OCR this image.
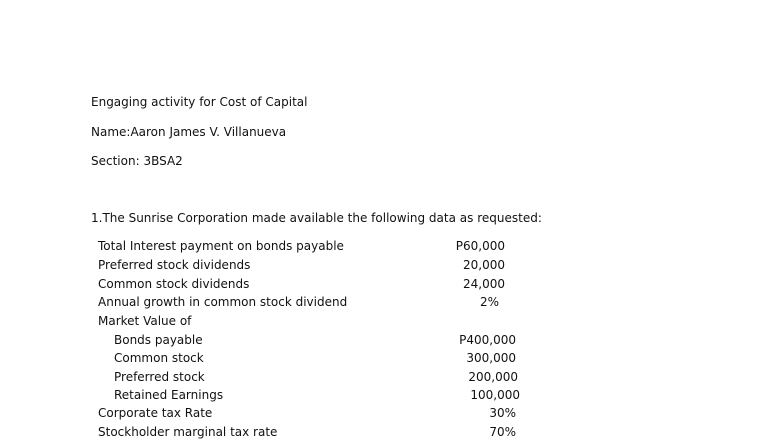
Engaging activity for Cost of Capital
Name:Aaron James V. Villanueva
Section: 3BSA2
1.The Sunrise Corporation made available the following data as requested:
Total Interest payment on bonds payable	P60,000
Preferred stock dividends	20,000
Common stock dividends	24,000
Annual growth in common stock dividend	2%
Market Value of
Bonds payable	P400,000
Common stock	300,000
Preferred stock	200,000
Retained Earnings	100,000
Corporate tax Rate	30%
Stockholder marginal tax rate	70%
